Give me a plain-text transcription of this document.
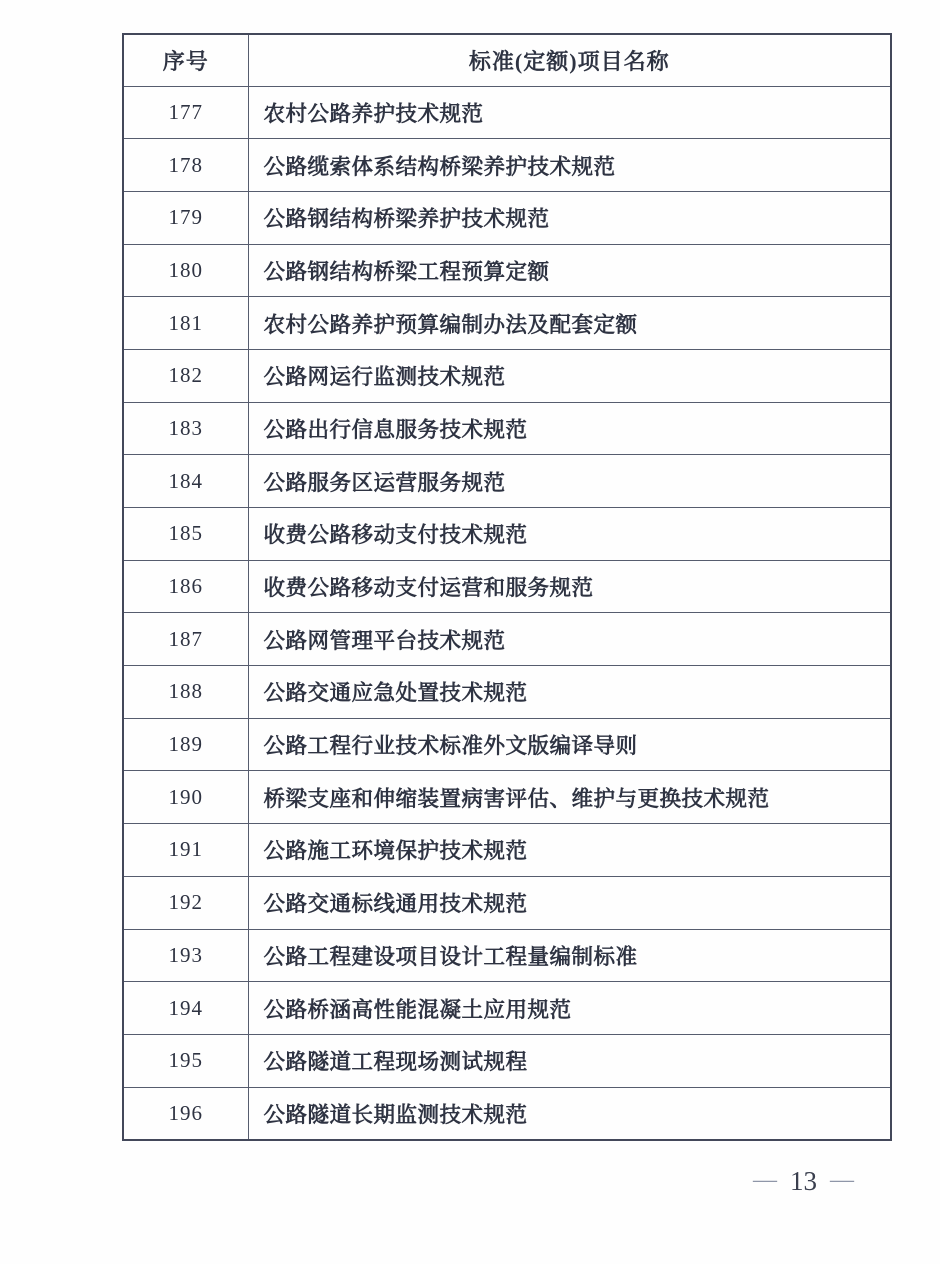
序号	标准(定额)项目名称
177	农村公路养护技术规范
178	公路缆索体系结构桥梁养护技术规范
179	公路钢结构桥梁养护技术规范
180	公路钢结构桥梁工程预算定额
181	农村公路养护预算编制办法及配套定额
182	公路网运行监测技术规范
183	公路出行信息服务技术规范
184	公路服务区运营服务规范
185	收费公路移动支付技术规范
186	收费公路移动支付运营和服务规范
187	公路网管理平台技术规范
188	公路交通应急处置技术规范
189	公路工程行业技术标准外文版编译导则
190	桥梁支座和伸缩装置病害评估、维护与更换技术规范
191	公路施工环境保护技术规范
192	公路交通标线通用技术规范
193	公路工程建设项目设计工程量编制标准
194	公路桥涵高性能混凝土应用规范
195	公路隧道工程现场测试规程
196	公路隧道长期监测技术规范
— 13 —
